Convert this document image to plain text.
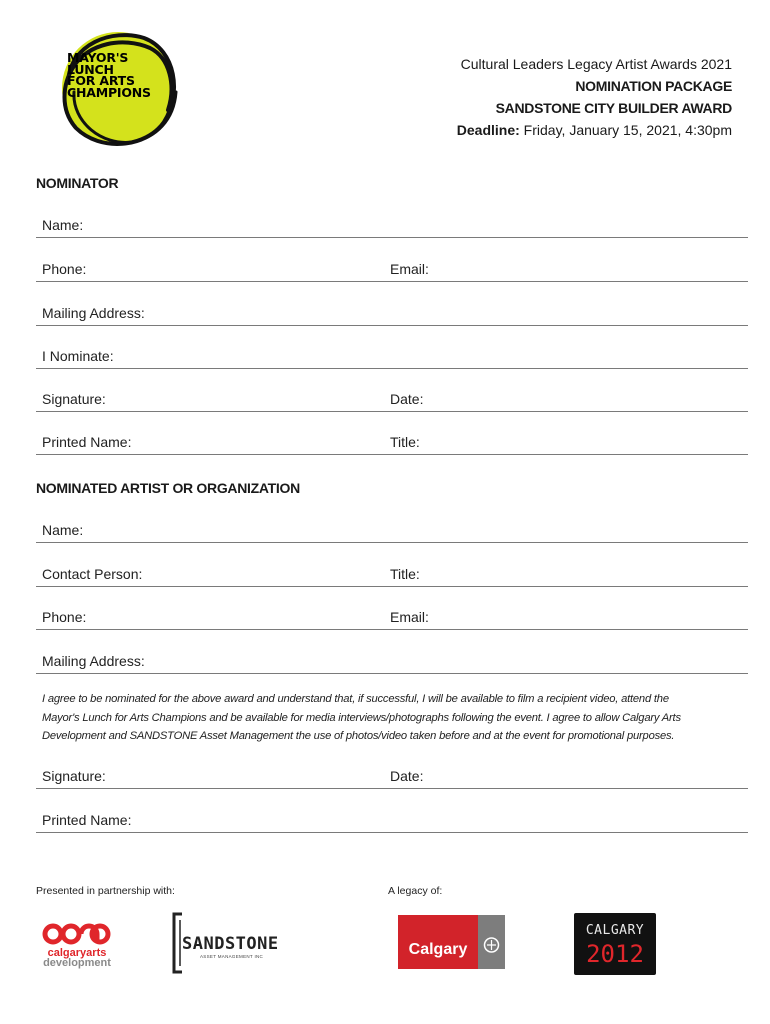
MAYOR'S
LUNCH
FOR ARTS
CHAMPIONS
Cultural Leaders Legacy Artist Awards 2021
NOMINATION PACKAGE
SANDSTONE CITY BUILDER AWARD
Deadline: Friday, January 15, 2021, 4:30pm
NOMINATOR
Name:
Phone:	Email:
Mailing Address:
I Nominate:
Signature:	Date:
Printed Name:	Title:
NOMINATED ARTIST OR ORGANIZATION
Name:
Contact Person:	Title:
Phone:	Email:
Mailing Address:
I agree to be nominated for the above award and understand that, if successful, I will be available to film a recipient video, attend the
Mayor's Lunch for Arts Champions and be available for media interviews/photographs following the event. I agree to allow Calgary Arts
Development and SANDSTONE Asset Management the use of photos/video taken before and at the event for promotional purposes.
Signature:	Date:
Printed Name:
Presented in partnership with:	A legacy of:
calgaryarts
development
SANDSTONE
ASSET MANAGEMENT INC	Calgary
CALGARY
2012
